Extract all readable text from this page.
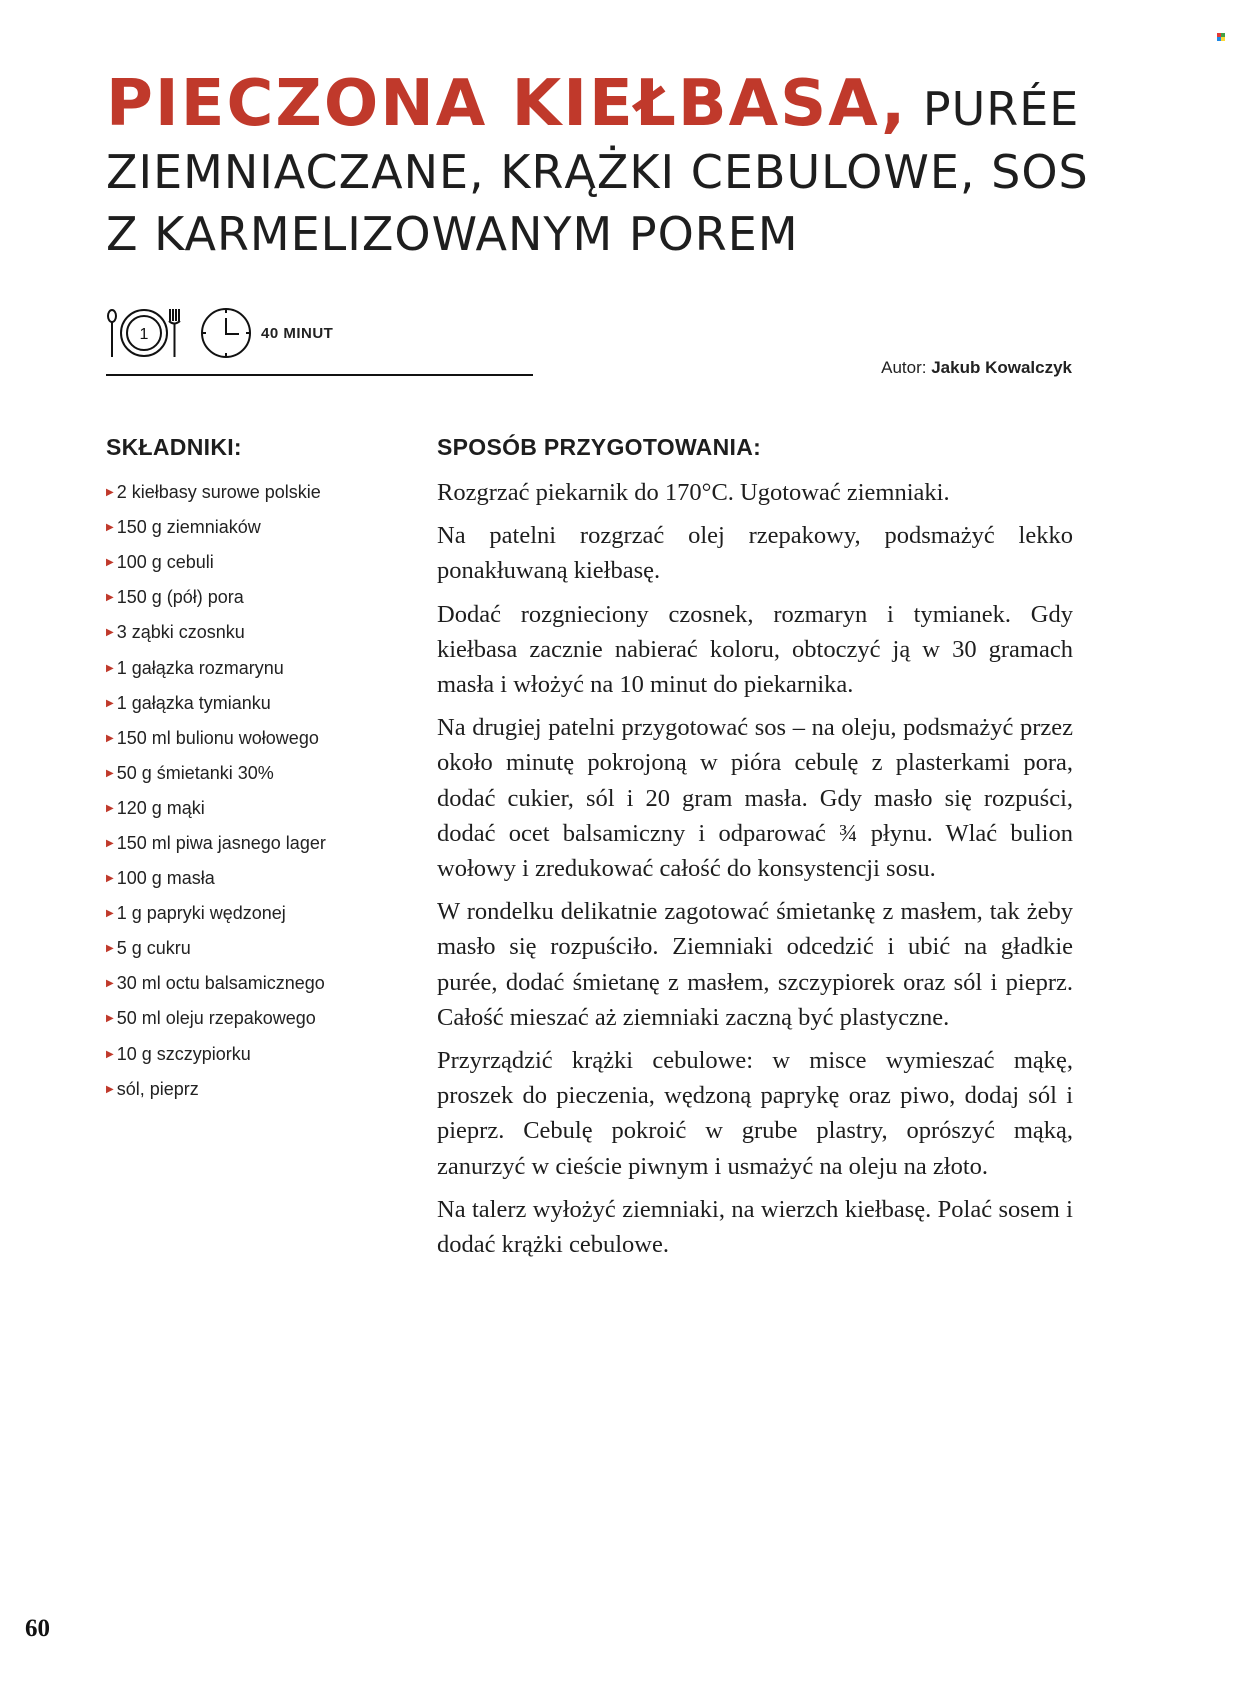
PIECZONA KIEŁBASA, PURÉE
ZIEMNIACZANE, KRĄŻKI CEBULOWE, SOS
Z KARMELIZOWANYM POREM
1	40 MINUT
Autor: Jakub Kowalczyk
SKŁADNIKI:
▶ 2 kiełbasy surowe polskie
▶ 150 g ziemniaków
▶ 100 g cebuli
▶ 150 g (pół) pora
▶ 3 ząbki czosnku
▶ 1 gałązka rozmarynu
▶ 1 gałązka tymianku
▶ 150 ml bulionu wołowego
▶ 50 g śmietanki 30%
▶ 120 g mąki
▶ 150 ml piwa jasnego lager
▶ 100 g masła
▶ 1 g papryki wędzonej
▶ 5 g cukru
▶ 30 ml octu balsamicznego
▶ 50 ml oleju rzepakowego
▶ 10 g szczypiorku
▶ sól, pieprz
SPOSÓB PRZYGOTOWANIA:

Rozgrzać piekarnik do 170°C. Ugotować ziemniaki.

Na patelni rozgrzać olej rzepakowy, podsmażyć lekko ponakłuwaną kiełbasę.

Dodać rozgnieciony czosnek, rozmaryn i tymianek. Gdy kiełbasa zacznie nabierać koloru, obtoczyć ją w 30 gramach masła i włożyć na 10 minut do piekarnika.

Na drugiej patelni przygotować sos – na oleju, podsmażyć przez około minutę pokrojoną w pióra cebulę z plasterkami pora, dodać cukier, sól i 20 gram masła. Gdy masło się rozpuści, dodać ocet balsamiczny i odparować ¾ płynu. Wlać bulion wołowy i zredukować całość do konsystencji sosu.

W rondelku delikatnie zagotować śmietankę z masłem, tak żeby masło się rozpuściło. Ziemniaki odcedzić i ubić na gładkie purée, dodać śmietanę z masłem, szczypiorek oraz sól i pieprz. Całość mieszać aż ziemniaki zaczną być plastyczne.

Przyrządzić krążki cebulowe: w misce wymieszać mąkę, proszek do pieczenia, wędzoną paprykę oraz piwo, dodaj sól i pieprz. Cebulę pokroić w grube plastry, oprószyć mąką, zanurzyć w cieście piwnym i usmażyć na oleju na złoto.

Na talerz wyłożyć ziemniaki, na wierzch kiełbasę. Polać sosem i dodać krążki cebulowe.

60
